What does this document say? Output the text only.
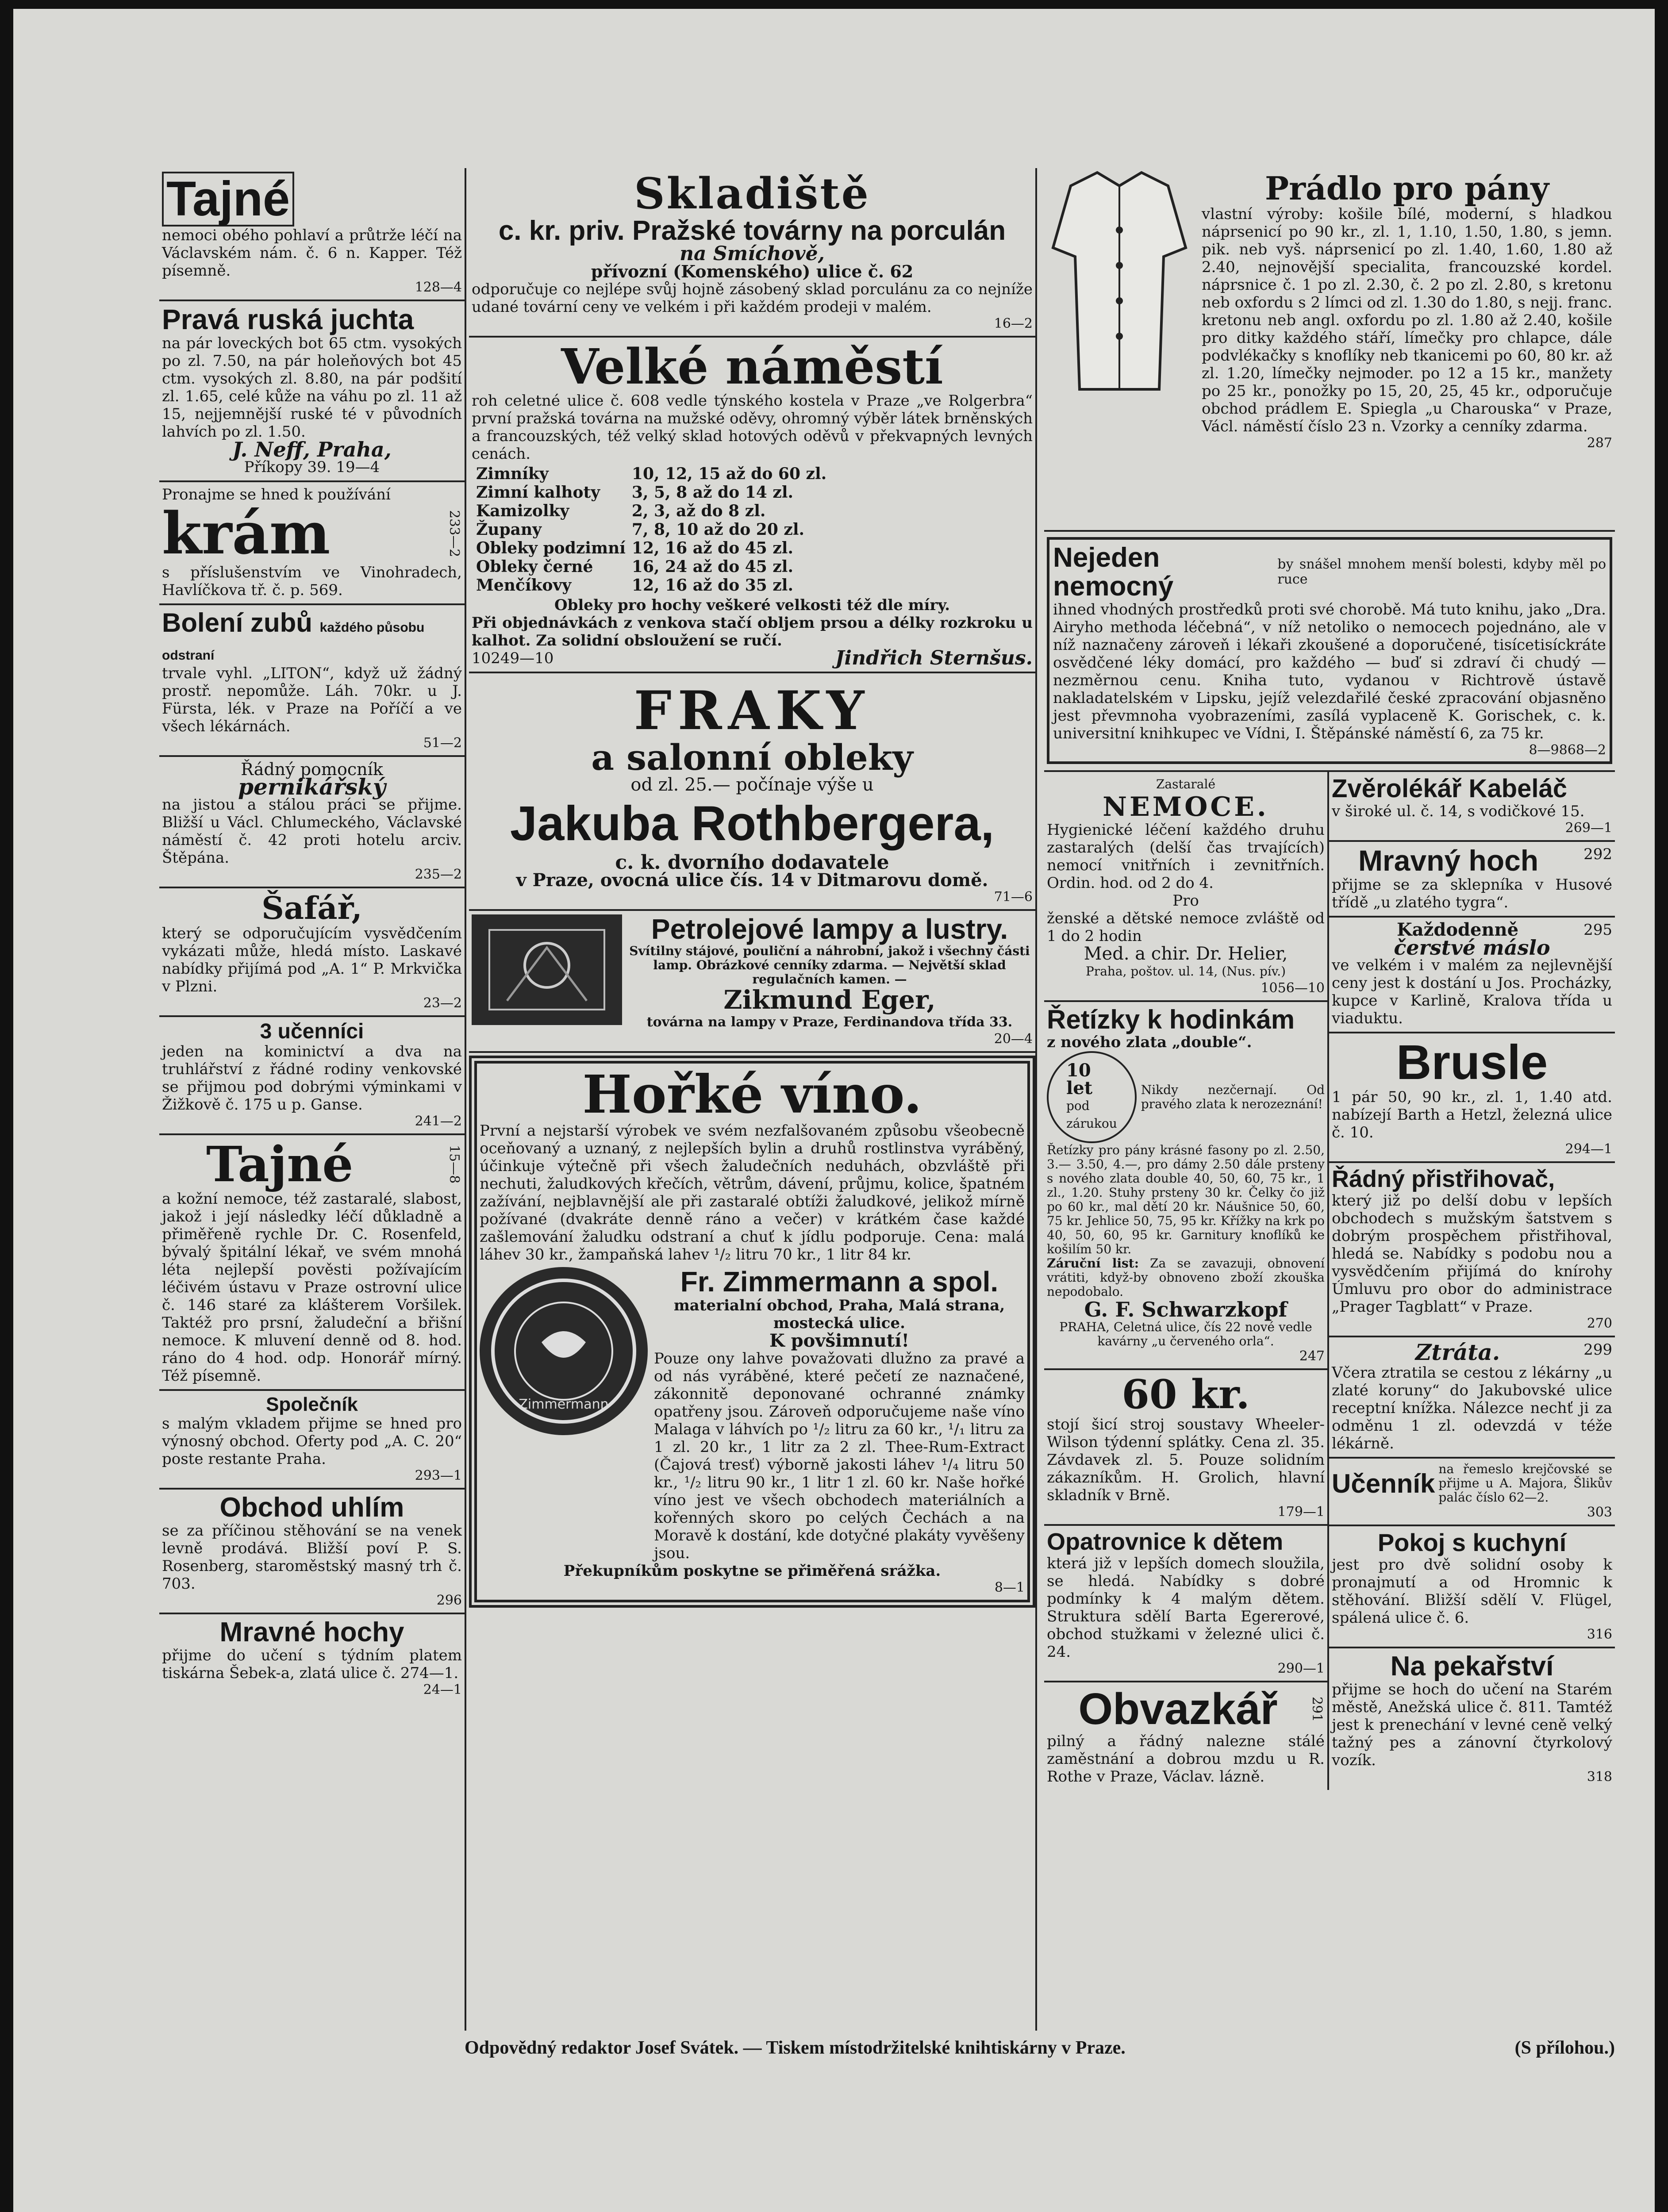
Tajné

nemoci obého pohlaví a průtrže léčí na Václavském nám. č. 6 n. Kapper. Též písemně.

128—4

Pravá ruská juchta

na pár loveckých bot 65 ctm. vysokých po zl. 7.50, na pár holeňových bot 45 ctm. vysokých zl. 8.80, na pár podšití zl. 1.65, celé kůže na váhu po zl. 11 až 15, nejjemnější ruské té v původních lahvích po zl. 1.50.

J. Neff, Praha,

Příkopy 39. 19—4

Pronajme se hned k používání

krám	233—2

s příslušenstvím ve Vinohradech, Havlíčkova tř. č. p. 569.

Bolení zubů každého působu odstraní

trvale vyhl. „LITON“, když už žádný prostř. nepomůže. Láh. 70kr. u J. Fürsta, lék. v Praze na Poříčí a ve všech lékárnách.

51—2

Řádný pomocník

pernikářský

na jistou a stálou práci se přijme. Bližší u Václ. Chlumeckého, Václavské náměstí č. 42 proti hotelu arciv. Štěpána.

235—2

Šafář,

který se odporučujícím vysvědčením vykázati může, hledá místo. Laskavé nabídky přijímá pod „A. 1“ P. Mrkvička v Plzni.

23—2

3 učenníci

jeden na kominictví a dva na truhlářství z řádné rodiny venkovské se přijmou pod dobrými výminkami v Žižkově č. 175 u p. Ganse.

241—2

Tajné	15—8

a kožní nemoce, též zastaralé, slabost, jakož i její následky léčí důkladně a přiměřeně rychle Dr. C. Rosenfeld, bývalý špitální lékař, ve svém mnohá léta nejlepší pověsti požívajícím léčivém ústavu v Praze ostrovní ulice č. 146 staré za klášterem Voršilek. Taktéž pro prsní, žaludeční a břišní nemoce. K mluvení denně od 8. hod. ráno do 4 hod. odp. Honorář mírný. Též písemně.

Společník

s malým vkladem přijme se hned pro výnosný obchod. Oferty pod „A. C. 20“ poste restante Praha.

293—1

Obchod uhlím

se za příčinou stěhování se na venek levně prodává. Bližší poví P. S. Rosenberg, staroměstský masný trh č. 703.

296

Mravné hochy

přijme do učení s týdním platem tiskárna Šebek-a, zlatá ulice č. 274—1.

24—1

Skladiště

c. kr. priv. Pražské továrny na porculán

na Smíchově,

přívozní (Komenského) ulice č. 62

odporučuje co nejlépe svůj hojně zásobený sklad porculánu za co nejníže udané tovární ceny ve velkém i při každém prodeji v malém.

16—2

Velké náměstí

roh celetné ulice č. 608 vedle týnského kostela v Praze „ve Rolgerbra“ první pražská továrna na mužské oděvy, ohromný výběr látek brněnských a francouzských, též velký sklad hotových oděvů v překvapných levných cenách.

Zimníky	10, 12, 15 až do 60 zl.
Zimní kalhoty	3, 5, 8 až do 14 zl.
Kamizolky	2, 3, až do 8 zl.
Župany	7, 8, 10 až do 20 zl.
Obleky podzimní	12, 16 až do 45 zl.
Obleky černé	16, 24 až do 45 zl.
Menčíkovy	12, 16 až do 35 zl.

Obleky pro hochy veškeré velkosti též dle míry.

Při objednávkách z venkova stačí obljem prsou a délky rozkroku u kalhot. Za solidní obsloužení se ručí.

10249—10	Jindřich Sternšus.

FRAKY

a salonní obleky

od zl. 25.— počínaje výše u

Jakuba Rothbergera,

c. k. dvorního dodavatele

v Praze, ovocná ulice čís. 14 v Ditmarovu domě.

71—6

Petrolejové lampy a lustry.

Svítilny stájové, pouliční a náhrobní, jakož i všechny části lamp. Obrázkové cenníky zdarma. — Největší sklad regulačních kamen. —

Zikmund Eger,

továrna na lampy v Praze, Ferdinandova třída 33.

20—4

Hořké víno.

První a nejstarší výrobek ve svém nezfalšovaném způsobu všeobecně oceňovaný a uznaný, z nejlepších bylin a druhů rostlinstva vyráběný, účinkuje výtečně při všech žaludečních neduhách, obzvláště při nechuti, žaludkových křečích, větrům, dávení, průjmu, kolice, špatném zažívání, nejblavnější ale při zastaralé obtíži žaludkové, jelikož mírně požívané (dvakráte denně ráno a večer) v krátkém čase každé zašlemování žaludku odstraní a chuť k jídlu podporuje. Cena: malá láhev 30 kr., žampaňská lahev ¹/₂ litru 70 kr., 1 litr 84 kr.

Zimmermann

Fr. Zimmermann a spol.

materialní obchod, Praha, Malá strana, mostecká ulice.

K povšimnutí!

Pouze ony lahve považovati dlužno za pravé a od nás vyráběné, které pečetí ze naznačené, zákonnitě deponované ochranné známky opatřeny jsou. Zároveň odporučujeme naše víno Malaga v láhvích po ¹/₂ litru za 60 kr., ¹/₁ litru za 1 zl. 20 kr., 1 litr za 2 zl. Thee-Rum-Extract (Čajová tresť) výborně jakosti láhev ¹/₄ litru 50 kr., ¹/₂ litru 90 kr., 1 litr 1 zl. 60 kr. Naše hořké víno jest ve všech obchodech materiálních a kořenných skoro po celých Čechách a na Moravě k dostání, kde dotyčné plakáty vyvěšeny jsou.

Překupníkům poskytne se přiměřená srážka.

8—1

Prádlo pro pány

vlastní výroby: košile bílé, moderní, s hladkou náprsenicí po 90 kr., zl. 1, 1.10, 1.50, 1.80, s jemn. pik. neb vyš. náprsenicí po zl. 1.40, 1.60, 1.80 až 2.40, nejnovější specialita, francouzské kordel. náprsnice č. 1 po zl. 2.30, č. 2 po zl. 2.80, s kretonu neb oxfordu s 2 límci od zl. 1.30 do 1.80, s nejj. franc. kretonu neb angl. oxfordu po zl. 1.80 až 2.40, košile pro ditky každého stáří, límečky pro chlapce, dále podvlékačky s knoflíky neb tkanicemi po 60, 80 kr. až zl. 1.20, límečky nejmoder. po 12 a 15 kr., manžety po 25 kr., ponožky po 15, 20, 25, 45 kr., odporučuje obchod prádlem E. Spiegla „u Charouska“ v Praze, Václ. náměstí číslo 23 n. Vzorky a cenníky zdarma.

287

Nejeden nemocný

by snášel mnohem menší bolesti, kdyby měl po ruce

ihned vhodných prostředků proti své chorobě. Má tuto knihu, jako „Dra. Airyho methoda léčebná“, v níž netoliko o nemocech pojednáno, ale v níž naznačeny zároveň i lékaři zkoušené a doporučené, tisícetisíckráte osvědčené léky domácí, pro každého — buď si zdraví či chudý — nezměrnou cenu. Kniha tuto, vydanou v Richtrově ústavě nakladatelském v Lipsku, jejíž velezdařilé české zpracování objasněno jest převmnoha vyobrazeními, zasílá vyplaceně K. Gorischek, c. k. universitní knihkupec ve Vídni, I. Štěpánské náměstí 6, za 75 kr.

8—9868—2

Zastaralé

NEMOCE.

Hygienické léčení každého druhu zastaralých (delší čas trvajících) nemocí vnitřních i zevnitřních. Ordin. hod. od 2 do 4.

Pro

ženské a dětské nemoce zvláště od 1 do 2 hodin

Med. a chir. Dr. Helier,

Praha, poštov. ul. 14, (Nus. pív.)

1056—10

Řetízky k hodinkám

z nového zlata „double“.

10 let

pod zárukou

Nikdy nezčernají. Od pravého zlata k nerozeznání!

Řetízky pro pány krásné fasony po zl. 2.50, 3.— 3.50, 4.—, pro dámy 2.50 dále prsteny s nového zlata double 40, 50, 60, 75 kr., 1 zl., 1.20. Stuhy prsteny 30 kr. Čelky čo již po 60 kr., mal dětí 20 kr. Náušnice 50, 60, 75 kr. Jehlice 50, 75, 95 kr. Křížky na krk po 40, 50, 60, 95 kr. Garnitury knoflíků ke košilím 50 kr.

Záruční list: Za se zavazuji, obnovení vrátiti, když-by obnoveno zboží zkouška nepodobalo.

G. F. Schwarzkopf

PRAHA, Celetná ulice, čís 22 nové vedle kavárny „u červeného orla“.

247

60 kr.

stojí šicí stroj soustavy Wheeler-Wilson týdenní splátky. Cena zl. 35. Závdavek zl. 5. Pouze solidním zákazníkům. H. Grolich, hlavní skladník v Brně.

179—1

Opatrovnice k dětem

která již v lepších domech sloužila, se hledá. Nabídky s dobré podmínky k 4 malým dětem. Struktura sdělí Barta Egererové, obchod stužkami v železné ulici č. 24.

290—1

Obvazkář	291

pilný a řádný nalezne stálé zaměstnání a dobrou mzdu u R. Rothe v Praze, Václav. lázně.

Zvěrolékář Kabeláč

v široké ul. č. 14, s vodičkové 15.

269—1

Mravný hoch	292

přijme se za sklepníka v Husové třídě „u zlatého tygra“.

Každodenně	295

čerstvé máslo

ve velkém i v malém za nejlevnější ceny jest k dostání u Jos. Procházky, kupce v Karlině, Kralova třída u viaduktu.

Brusle

1 pár 50, 90 kr., zl. 1, 1.40 atd. nabízejí Barth a Hetzl, železná ulice č. 10.

294—1

Řádný přistřihovač,

který již po delší dobu v lepších obchodech s mužským šatstvem s dobrým prospěchem přistřihoval, hledá se. Nabídky s podobu nou a vysvědčením přijímá do knírohy Úmluvu pro obor do administrace „Prager Tagblatt“ v Praze.

270

Ztráta.	299

Včera ztratila se cestou z lékárny „u zlaté koruny“ do Jakubovské ulice receptní knížka. Nálezce nechť ji za odměnu 1 zl. odevzdá v téže lékárně.

Učenník na řemeslo krejčovské se přijme u A. Majora, Šlikův palác číslo 62—2.

303

Pokoj s kuchyní

jest pro dvě solidní osoby k pronajmutí a od Hromnic k stěhování. Bližší sdělí V. Flügel, spálená ulice č. 6.

316

Na pekařství

přijme se hoch do učení na Starém městě, Anežská ulice č. 811. Tamtéž jest k prenechání v levné ceně velký tažný pes a zánovní čtyrkolový vozík.

318

Odpovědný redaktor Josef Svátek. — Tiskem místodržitelské knihtiskárny v Praze.	(S přílohou.)
